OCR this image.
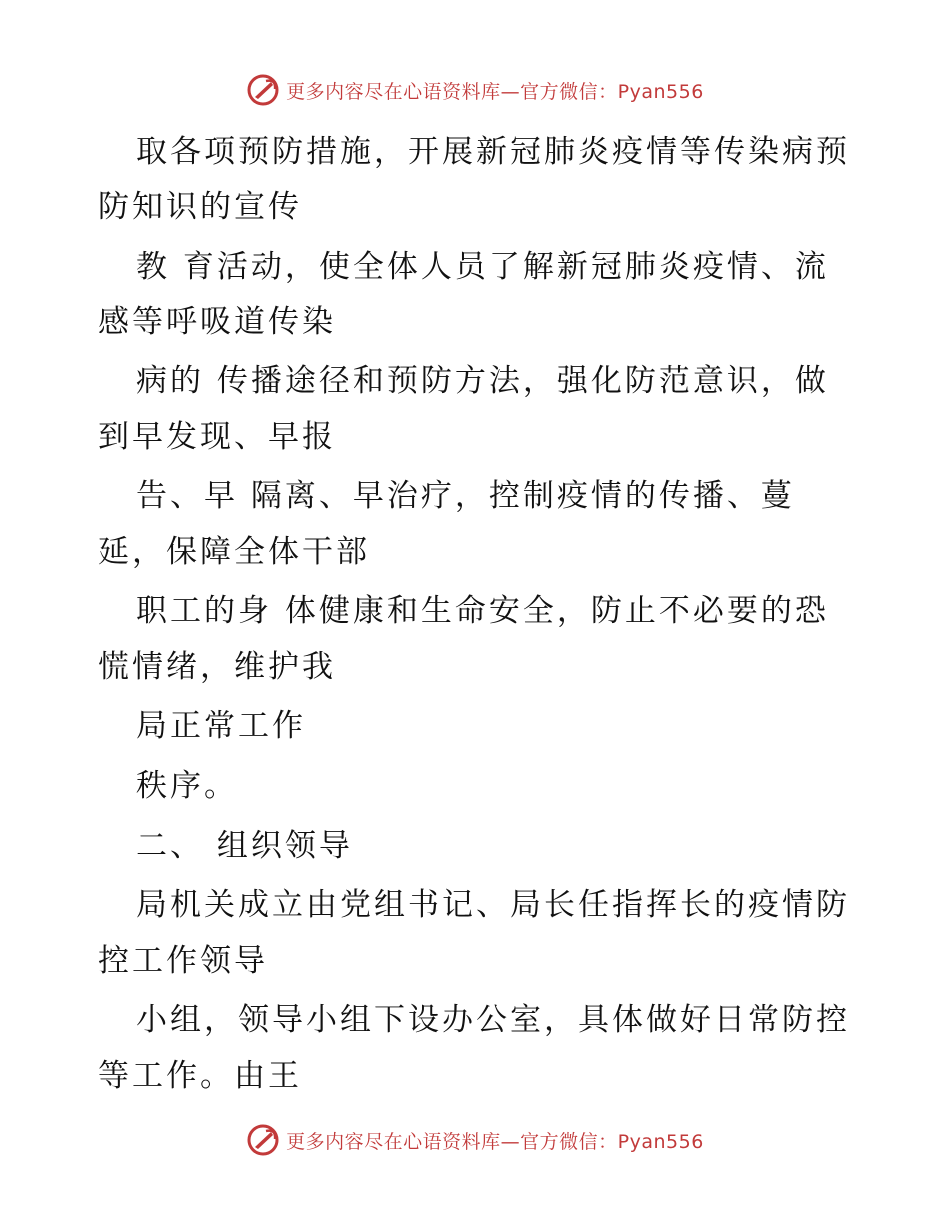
更多内容尽在心语资料库—官方微信：Pyan556
取各项预防措施，开展新冠肺炎疫情等传染病预
防知识的宣传
教 育活动，使全体人员了解新冠肺炎疫情、流
感等呼吸道传染
病的 传播途径和预防方法，强化防范意识，做
到早发现、早报
告、早 隔离、早治疗，控制疫情的传播、蔓
延，保障全体干部
职工的身 体健康和生命安全，防止不必要的恐
慌情绪，维护我
局正常工作
秩序。
二、 组织领导
局机关成立由党组书记、局长任指挥长的疫情防
控工作领导
小组，领导小组下设办公室，具体做好日常防控
等工作。由王
更多内容尽在心语资料库—官方微信：Pyan556
